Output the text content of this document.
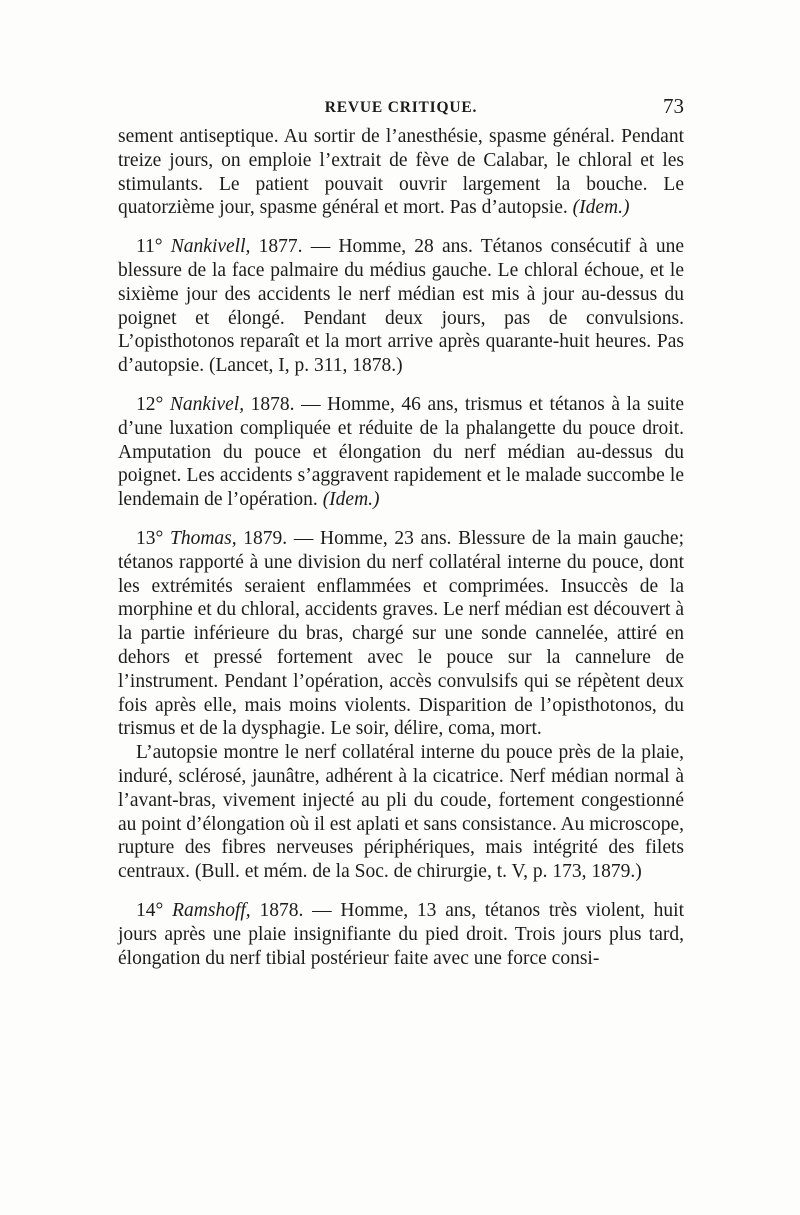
REVUE CRITIQUE.	73

sement antiseptique. Au sortir de l’anesthésie, spasme général. Pendant treize jours, on emploie l’extrait de fève de Calabar, le chloral et les stimulants. Le patient pouvait ouvrir largement la bouche. Le quatorzième jour, spasme général et mort. Pas d’autopsie. (Idem.)

11° Nankivell, 1877. — Homme, 28 ans. Tétanos consécutif à une blessure de la face palmaire du médius gauche. Le chloral échoue, et le sixième jour des accidents le nerf médian est mis à jour au-dessus du poignet et élongé. Pendant deux jours, pas de convulsions. L’opisthotonos reparaît et la mort arrive après quarante-huit heures. Pas d’autopsie. (Lancet, I, p. 311, 1878.)

12° Nankivel, 1878. — Homme, 46 ans, trismus et tétanos à la suite d’une luxation compliquée et réduite de la phalangette du pouce droit. Amputation du pouce et élongation du nerf médian au-dessus du poignet. Les accidents s’aggravent rapidement et le malade succombe le lendemain de l’opération. (Idem.)

13° Thomas, 1879. — Homme, 23 ans. Blessure de la main gauche; tétanos rapporté à une division du nerf collatéral interne du pouce, dont les extrémités seraient enflammées et comprimées. Insuccès de la morphine et du chloral, accidents graves. Le nerf médian est découvert à la partie inférieure du bras, chargé sur une sonde cannelée, attiré en dehors et pressé fortement avec le pouce sur la cannelure de l’instrument. Pendant l’opération, accès convulsifs qui se répètent deux fois après elle, mais moins violents. Disparition de l’opisthotonos, du trismus et de la dysphagie. Le soir, délire, coma, mort.

L’autopsie montre le nerf collatéral interne du pouce près de la plaie, induré, sclérosé, jaunâtre, adhérent à la cicatrice. Nerf médian normal à l’avant-bras, vivement injecté au pli du coude, fortement congestionné au point d’élongation où il est aplati et sans consistance. Au microscope, rupture des fibres nerveuses périphériques, mais intégrité des filets centraux. (Bull. et mém. de la Soc. de chirurgie, t. V, p. 173, 1879.)

14° Ramshoff, 1878. — Homme, 13 ans, tétanos très violent, huit jours après une plaie insignifiante du pied droit. Trois jours plus tard, élongation du nerf tibial postérieur faite avec une force consi-
